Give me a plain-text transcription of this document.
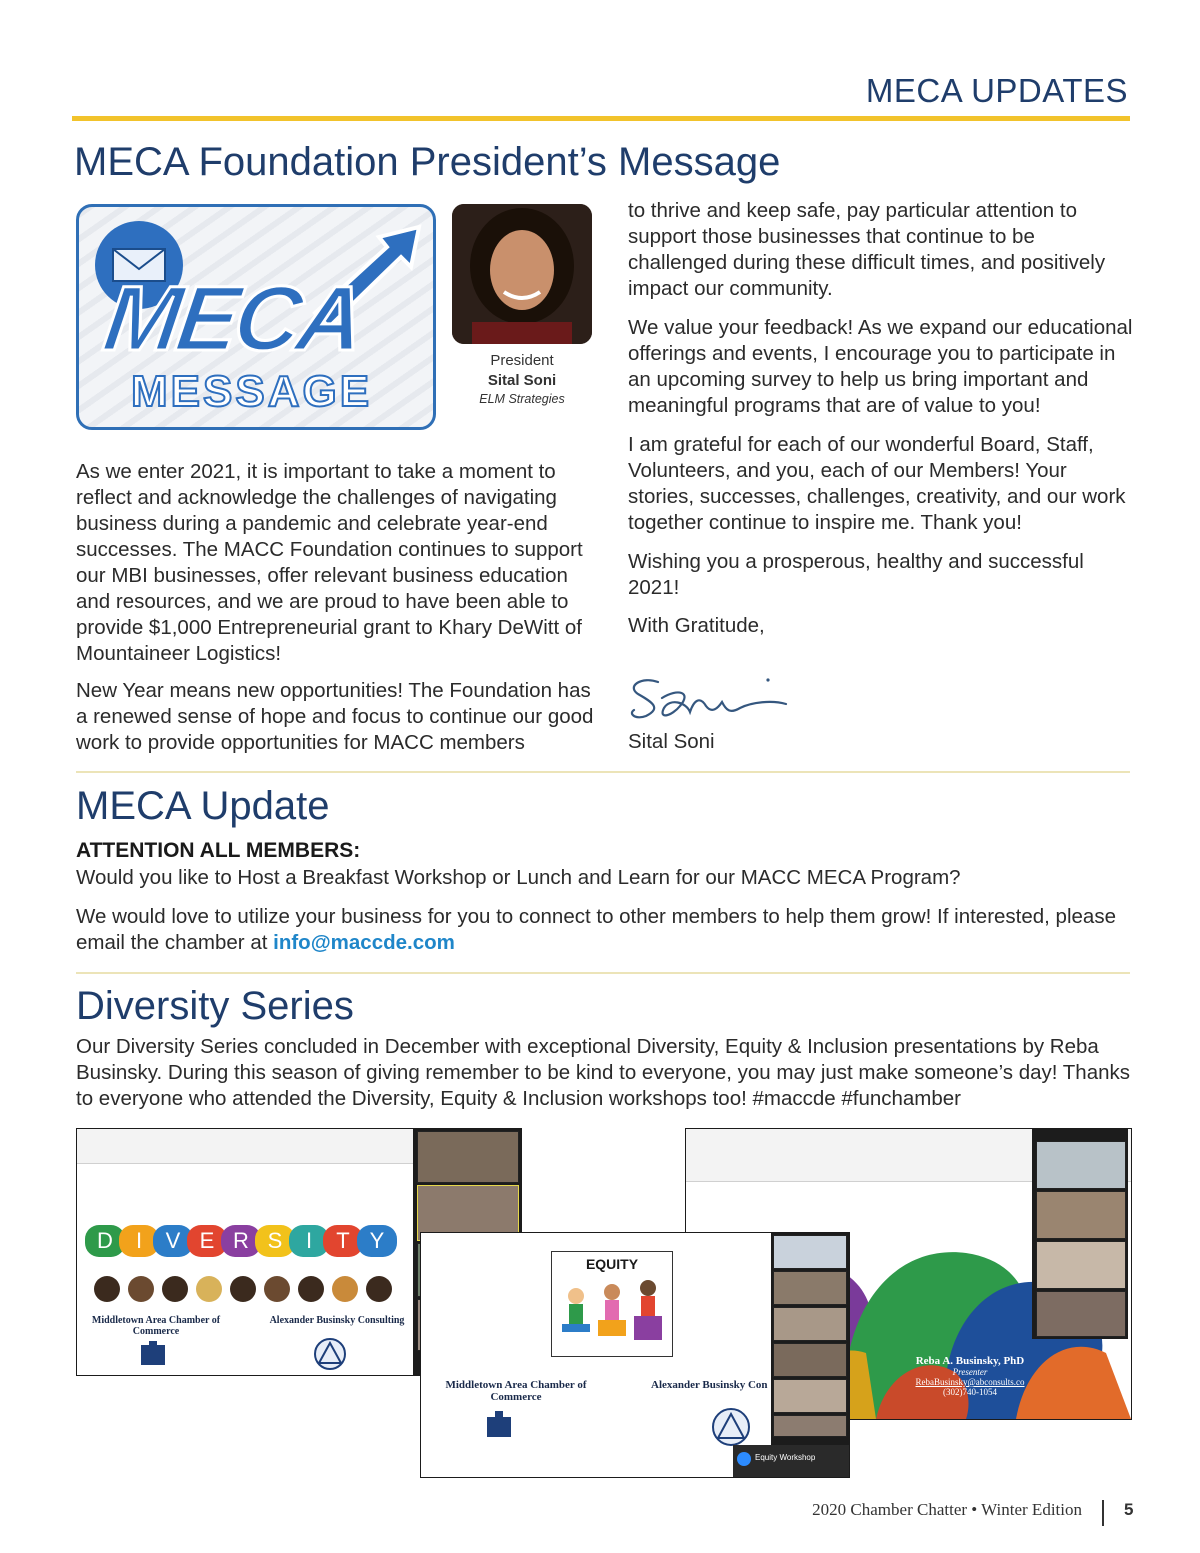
MECA UPDATES
MECA Foundation President’s Message
MECA
MESSAGE
President
Sital Soni
ELM Strategies

As we enter 2021, it is important to take a moment to reflect and acknowledge the challenges of navigating business during a pandemic and celebrate year-end successes. The MACC Foundation continues to support our MBI businesses, offer relevant business education and resources, and we are proud to have been able to provide $1,000 Entrepreneurial grant to Khary DeWitt of Mountaineer Logistics!

New Year means new opportunities! The Foundation has a renewed sense of hope and focus to continue our good work to provide opportunities for MACC members

to thrive and keep safe, pay particular attention to support those businesses that continue to be challenged during these difficult times, and positively impact our community.

We value your feedback! As we expand our educational offerings and events, I encourage you to participate in an upcoming survey to help us bring important and meaningful programs that are of value to you!

I am grateful for each of our wonderful Board, Staff, Volunteers, and you, each of our Members! Your stories, successes, challenges, creativity, and our work together continue to inspire me. Thank you!

Wishing you a prosperous, healthy and successful 2021!

With Gratitude,

Sital Soni
MECA Update
ATTENTION ALL MEMBERS:
Would you like to Host a Breakfast Workshop or Lunch and Learn for our MACC MECA Program?

We would love to utilize your business for you to connect to other members to help them grow! If interested, please email the chamber at info@maccde.com

Diversity Series

Our Diversity Series concluded in December with exceptional Diversity, Equity & Inclusion presentations by Reba Businsky. During this season of giving remember to be kind to everyone, you may just make someone’s day! Thanks to everyone who attended the Diversity, Equity & Inclusion workshops too! #maccde #funchamber

D	I	V E R S	I	T Y
Middletown Area Chamber of Commerce
Alexander Businsky Consulting
Reba A. Businsky, PhD
Presenter
RebaBusinsky@abconsults.co
(302)740-1054
EQUITY
Middletown Area Chamber of Commerce
Alexander Businsky Con
Equity Workshop
2020 Chamber Chatter • Winter Edition 5
